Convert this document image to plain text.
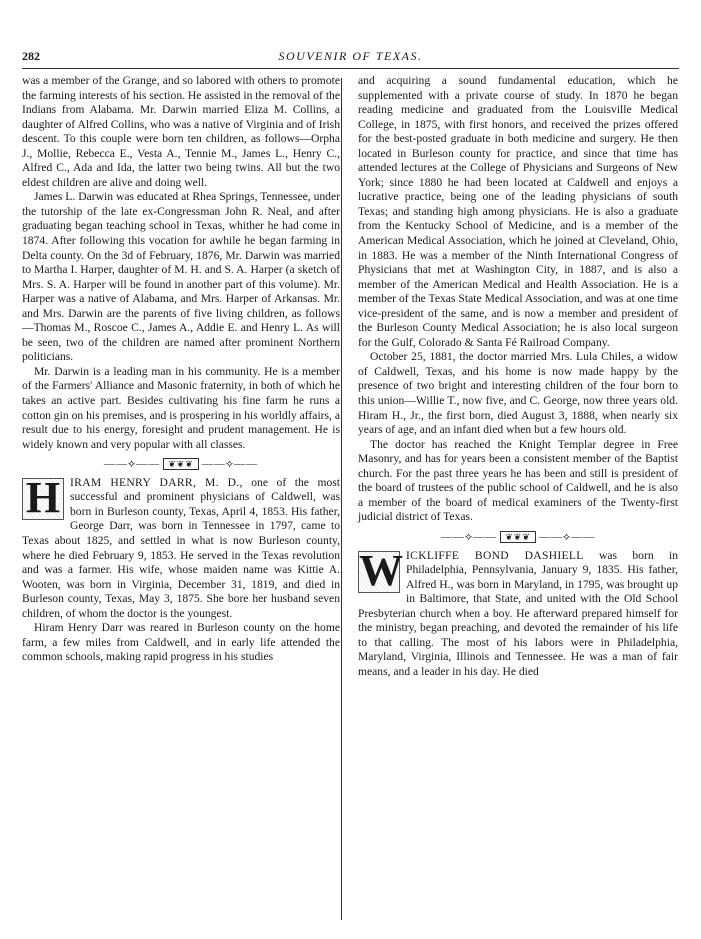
282	SOUVENIR OF TEXAS.

was a member of the Grange, and so labored with others to promote the farming interests of his section. He assisted in the removal of the Indians from Alabama. Mr. Darwin married Eliza M. Collins, a daughter of Alfred Collins, who was a native of Virginia and of Irish descent. To this couple were born ten children, as follows—Orpha J., Mollie, Rebecca E., Vesta A., Tennie M., James L., Henry C., Alfred C., Ada and Ida, the latter two being twins. All but the two eldest children are alive and doing well.

James L. Darwin was educated at Rhea Springs, Tennessee, under the tutorship of the late ex-Congressman John R. Neal, and after graduating began teaching school in Texas, whither he had come in 1874. After following this vocation for awhile he began farming in Delta county. On the 3d of February, 1876, Mr. Darwin was married to Martha I. Harper, daughter of M. H. and S. A. Harper (a sketch of Mrs. S. A. Harper will be found in another part of this volume). Mr. Harper was a native of Alabama, and Mrs. Harper of Arkansas. Mr. and Mrs. Darwin are the parents of five living children, as follows—Thomas M., Roscoe C., James A., Addie E. and Henry L. As will be seen, two of the children are named after prominent Northern politicians.

Mr. Darwin is a leading man in his community. He is a member of the Farmers' Alliance and Masonic fraternity, in both of which he takes an active part. Besides cultivating his fine farm he runs a cotton gin on his premises, and is prospering in his worldly affairs, a result due to his energy, foresight and prudent management. He is widely known and very popular with all classes.

——⟡—— ❦❦❦ ——⟡——

H IRAM HENRY DARR, M. D., one of the most successful and prominent physicians of Caldwell, was born in Burleson county, Texas, April 4, 1853. His father, George Darr, was born in Tennessee in 1797, came to Texas about 1825, and settled in what is now Burleson county, where he died February 9, 1853. He served in the Texas revolution and was a farmer. His wife, whose maiden name was Kittie A. Wooten, was born in Virginia, December 31, 1819, and died in Burleson county, Texas, May 3, 1875. She bore her husband seven children, of whom the doctor is the youngest.

Hiram Henry Darr was reared in Burleson county on the home farm, a few miles from Caldwell, and in early life attended the common schools, making rapid progress in his studies

and acquiring a sound fundamental education, which he supplemented with a private course of study. In 1870 he began reading medicine and graduated from the Louisville Medical College, in 1875, with first honors, and received the prizes offered for the best-posted graduate in both medicine and surgery. He then located in Burleson county for practice, and since that time has attended lectures at the College of Physicians and Surgeons of New York; since 1880 he had been located at Caldwell and enjoys a lucrative practice, being one of the leading physicians of south Texas; and standing high among physicians. He is also a graduate from the Kentucky School of Medicine, and is a member of the American Medical Association, which he joined at Cleveland, Ohio, in 1883. He was a member of the Ninth International Congress of Physicians that met at Washington City, in 1887, and is also a member of the American Medical and Health Association. He is a member of the Texas State Medical Association, and was at one time vice-president of the same, and is now a member and president of the Burleson County Medical Association; he is also local surgeon for the Gulf, Colorado & Santa Fé Railroad Company.

October 25, 1881, the doctor married Mrs. Lula Chiles, a widow of Caldwell, Texas, and his home is now made happy by the presence of two bright and interesting children of the four born to this union—Willie T., now five, and C. George, now three years old. Hiram H., Jr., the first born, died August 3, 1888, when nearly six years of age, and an infant died when but a few hours old.

The doctor has reached the Knight Templar degree in Free Masonry, and has for years been a consistent member of the Baptist church. For the past three years he has been and still is president of the board of trustees of the public school of Caldwell, and he is also a member of the board of medical examiners of the Twenty-first judicial district of Texas.

——⟡—— ❦❦❦ ——⟡——

W ICKLIFFE BOND DASHIELL was born in Philadelphia, Pennsylvania, January 9, 1835. His father, Alfred H., was born in Maryland, in 1795, was brought up in Baltimore, that State, and united with the Old School Presbyterian church when a boy. He afterward prepared himself for the ministry, began preaching, and devoted the remainder of his life to that calling. The most of his labors were in Philadelphia, Maryland, Virginia, Illinois and Tennessee. He was a man of fair means, and a leader in his day. He died
